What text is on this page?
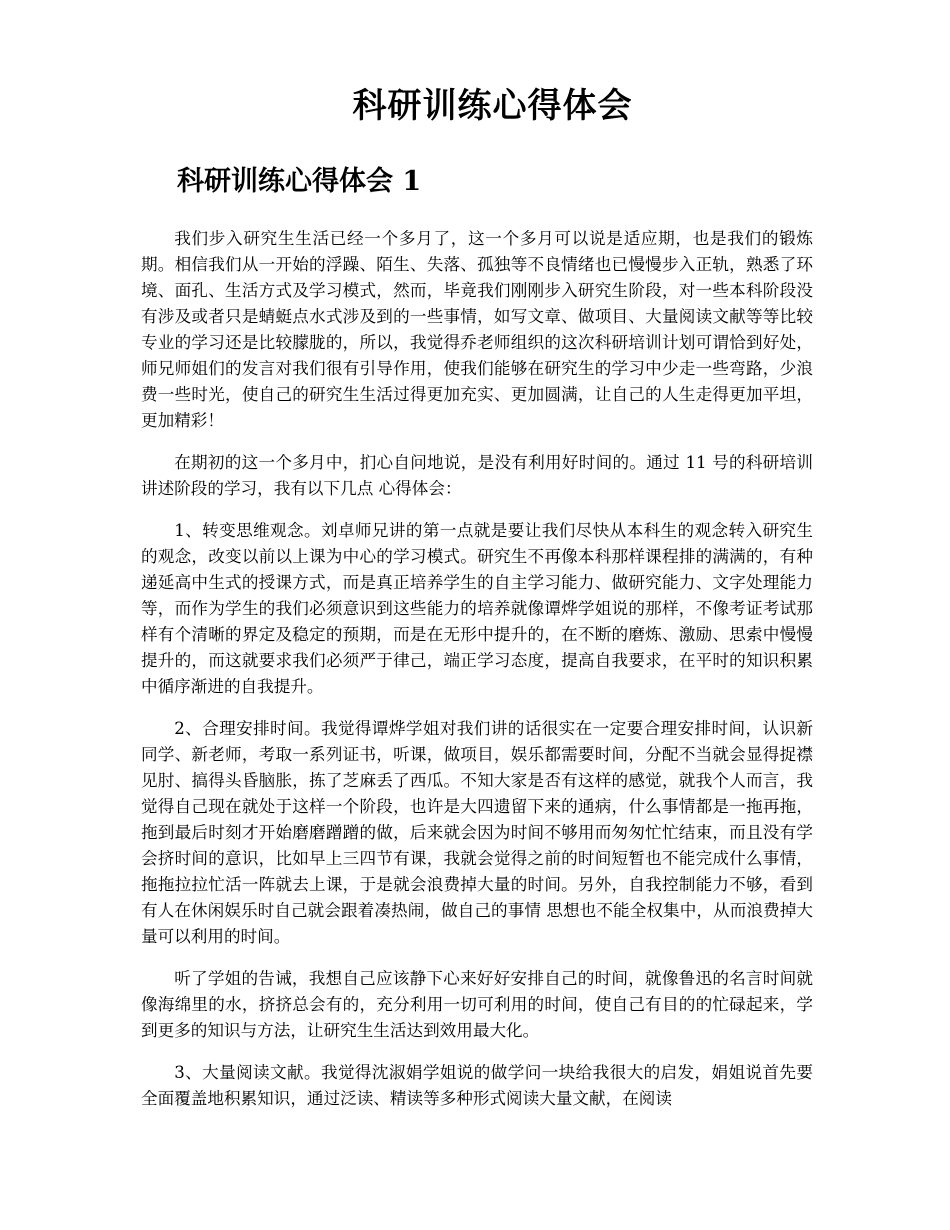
科研训练心得体会
科研训练心得体会 1

我们步入研究生生活已经一个多月了，这一个多月可以说是适应期，也是我们的锻炼期。相信我们从一开始的浮躁、陌生、失落、孤独等不良情绪也已慢慢步入正轨，熟悉了环境、面孔、生活方式及学习模式，然而，毕竟我们刚刚步入研究生阶段，对一些本科阶段没有涉及或者只是蜻蜓点水式涉及到的一些事情，如写文章、做项目、大量阅读文献等等比较专业的学习还是比较朦胧的，所以，我觉得乔老师组织的这次科研培训计划可谓恰到好处，师兄师姐们的发言对我们很有引导作用，使我们能够在研究生的学习中少走一些弯路，少浪费一些时光，使自己的研究生生活过得更加充实、更加圆满，让自己的人生走得更加平坦，更加精彩！

在期初的这一个多月中，扪心自问地说，是没有利用好时间的。通过 11 号的科研培训讲述阶段的学习，我有以下几点 心得体会：

1、转变思维观念。刘卓师兄讲的第一点就是要让我们尽快从本科生的观念转入研究生的观念，改变以前以上课为中心的学习模式。研究生不再像本科那样课程排的满满的，有种递延高中生式的授课方式，而是真正培养学生的自主学习能力、做研究能力、文字处理能力等，而作为学生的我们必须意识到这些能力的培养就像谭烨学姐说的那样，不像考证考试那样有个清晰的界定及稳定的预期，而是在无形中提升的，在不断的磨炼、激励、思索中慢慢提升的，而这就要求我们必须严于律己，端正学习态度，提高自我要求，在平时的知识积累中循序渐进的自我提升。

2、合理安排时间。我觉得谭烨学姐对我们讲的话很实在一定要合理安排时间，认识新同学、新老师，考取一系列证书，听课，做项目，娱乐都需要时间，分配不当就会显得捉襟见肘、搞得头昏脑胀，拣了芝麻丢了西瓜。不知大家是否有这样的感觉，就我个人而言，我觉得自己现在就处于这样一个阶段，也许是大四遗留下来的通病，什么事情都是一拖再拖，拖到最后时刻才开始磨磨蹭蹭的做，后来就会因为时间不够用而匆匆忙忙结束，而且没有学会挤时间的意识，比如早上三四节有课，我就会觉得之前的时间短暂也不能完成什么事情，拖拖拉拉忙活一阵就去上课，于是就会浪费掉大量的时间。另外，自我控制能力不够，看到有人在休闲娱乐时自己就会跟着凑热闹，做自己的事情 思想也不能全权集中，从而浪费掉大量可以利用的时间。

听了学姐的告诫，我想自己应该静下心来好好安排自己的时间，就像鲁迅的名言时间就像海绵里的水，挤挤总会有的，充分利用一切可利用的时间，使自己有目的的忙碌起来，学到更多的知识与方法，让研究生生活达到效用最大化。

3、大量阅读文献。我觉得沈淑娟学姐说的做学问一块给我很大的启发，娟姐说首先要全面覆盖地积累知识，通过泛读、精读等多种形式阅读大量文献，在阅读
